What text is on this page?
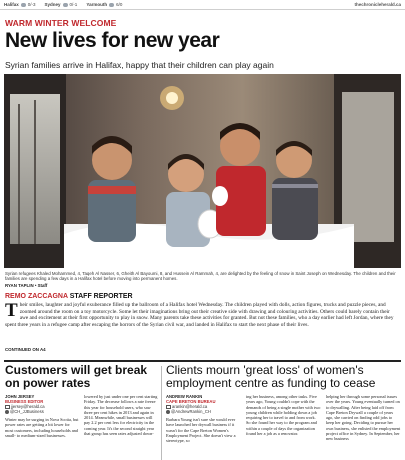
Halifax 0/-3 Sydney 0/-1 Yarmouth 6/0	thechronicleherald.ca
WARM WINTER WELCOME
New lives for new year
Syrian families arrive in Halifax, happy that their children can play again
Syrian refugees Khaled Mohammed, 4, Taqeh Al Nasser, 6, Gheith Al Bayoumi, 8, and Hussein Al Rammah, 4, are delighted by the feeling of snow in Saint Joseph on Wednesday. The children and their families are spending a few days in a Halifax hotel before moving into permanent homes.
RYAN TAPLIN • Staff
REMO ZACCAGNA STAFF REPORTER
T heir smiles, laughter and joyful exuberance filled up the ballroom of a Halifax hotel Wednesday. The children played with dolls, action figures, trucks and puzzle pieces, and zoomed around the room on a toy motorcycle. Some let their imaginations bring out their creative side with drawing and colouring activities. Others could barely contain their awe and excitement at their first opportunity to play in snow. Many parents take these activities for granted. But not these families, who a day earlier had left Jordan, where they spent three years in a refugee camp after escaping the horrors of the Syrian civil war, and landed in Halifax to start the next phase of their lives.

CONTINUED ON A4
Customers will get break on power rates
JOHN JERSEY
BUSINESS EDITOR
jjersey@herald.ca
@CH_JJBusiness
Winter may be surging in Nova Scotia, but power rates are getting a bit lower for most customers, including households and small- to medium-sized businesses.
lowered by just under one per cent starting Friday. The decrease follows a rate freeze this year for household users, who saw three per cent hikes in 2013 and again in 2014. Meanwhile, small businesses will pay 2.2 per cent less for electricity in the coming year. It's the second straight year that group has seen rates adjusted down-
Clients mourn 'great loss' of women's employment centre as funding to cease
ANDREW RANKIN
CAPE BRETON BUREAU
arankin@herald.ca
@AndrewRankin_CH
Barbara Young isn't sure she would ever have launched her drywall business if it wasn't for the Cape Breton Women's Employment Project. She doesn't view a stereotype, so
ing her business, among other tasks. Five years ago, Young couldn't cope with the demands of being a single mother with two young children while holding down a job requiring her to travel to and from work. So she found her way to the program and within a couple of days the organization found her a job as a renovator.
helping her through some personal issues over the years. Young eventually turned on to drywalling. After being laid off from Cape Breton Drywall a couple of years ago, she carried on finding odd jobs to keep her going. Deciding to pursue her own business, she enlisted the employment project office in Sydney. In September, her new business
